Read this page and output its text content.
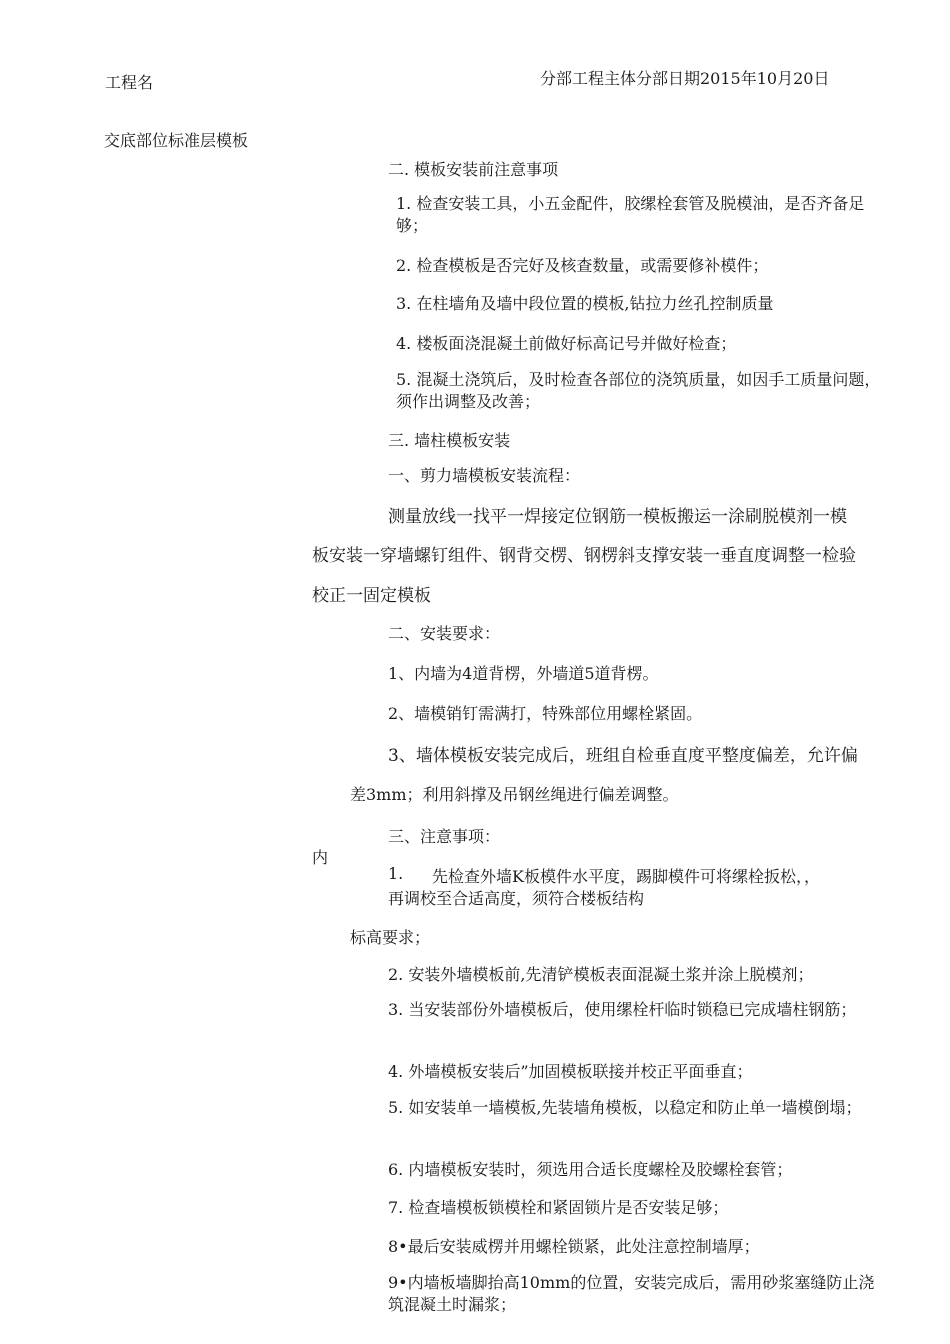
工程名	分部工程主体分部日期2015年10月20日
交底部位标准层模板
二. 模板安装前注意事项
1. 检查安装工具，小五金配件，胶缧栓套管及脱模油，是否齐备足够；
2. 检查模板是否完好及核查数量，或需要修补模件；
3. 在柱墙角及墙中段位置的模板,钻拉力丝孔控制质量
4. 楼板面浇混凝土前做好标高记号并做好检查；
5. 混凝土浇筑后，及时检查各部位的浇筑质量，如因手工质量问题，须作出调整及改善；
三. 墙柱模板安装
一、剪力墙模板安装流程：
测量放线一找平一焊接定位钢筋一模板搬运一涂刷脱模剂一模
板安装一穿墙螺钉组件、钢背交楞、钢楞斜支撑安装一垂直度调整一检验
校正一固定模板
二、安装要求：
1、内墙为4道背楞，外墙道5道背楞。
2、墙模销钉需满打，特殊部位用螺栓紧固。
3、墙体模板安装完成后，班组自检垂直度平整度偏差，允许偏
差3mm；利用斜撑及吊钢丝绳进行偏差调整。
三、注意事项：
内
1. 先检查外墙K板模件水平度，踢脚模件可将缧栓扳松，，
再调校至合适高度，须符合楼板结构
标高要求；
2. 安装外墙模板前,先清铲模板表面混凝土浆并涂上脱模剂；
3. 当安装部份外墙模板后，使用缧栓杆临时锁稳已完成墙柱钢筋；
4. 外墙模板安装后”加固模板联接并校正平面垂直；
5. 如安装单一墙模板,先装墙角模板，以稳定和防止单一墙模倒塌；
6. 内墙模板安装时，须选用合适长度螺栓及胶螺栓套管；
7. 检查墙模板锁模栓和紧固锁片是否安装足够；
8•最后安装威楞并用螺栓锁紧，此处注意控制墙厚；
9•内墙板墙脚抬高10mm的位置，安装完成后，需用砂浆塞缝防止浇筑混凝土时漏浆；
